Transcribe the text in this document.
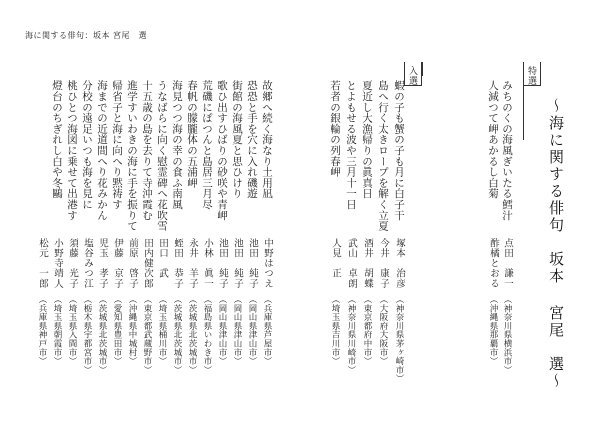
海に関する俳句：坂本 宮尾　選
〜海に関する俳句　坂本 宮尾　選〜
特選
入選
みちのくの海風ぎいたる鱈汁
点田　謙一
（神奈川県横浜市）
人減つて岬あかるし白菊
酢橘とおる
（沖縄県那覇市）
蝦の子も蟹の子も月に白子干
塚本　治彦
（神奈川県茅ヶ崎市）
島へ行く太きロープを解く立夏
今井　康子
（大阪府大阪市）
夏近し大漁帰りの眞真日
酒井　胡蝶
（東京都府中市）
とよもせる波や三月十一日
武山　卓朗
（神奈川県川崎市）
若者の銀輪の列春岬
人見　正
（埼玉県吉川市）
故郷へ続く海なり土用凪
中野はつえ
（兵庫県芦屋市）
恐恐と手を穴に入れ磯遊
池田　純子
（岡山県津山市）
街館の海風夏と思ひけり
池田　純子
（岡山県津山市）
歌ひ出すひばりの砂咲や青岬
池田　純子
（岡山県津山市）
荒磯にぽつんと島居三月尽
小林　眞一
（福島県いわき市）
春帆の朦朧体の五浦岬
永井　羊子
（茨城県北茨城市）
海見つつ海の幸の食ふ南風
蛭田　恭子
（茨城県北茨城市）
うなばらに向く慰霊碑へ花吹雪
田口　武
（埼玉県桶川市）
十五歳の島を去りて寺沖霞む
田内健次郎
（東京都武蔵野市）
進学すいわきの海に手を振りて
前原　啓子
（沖縄県中城村）
帰省子と海に向へり黙祷す
伊藤　京子
（愛知県豊田市）
海までの近道間へり花みかん
児玉　孝子
（茨城県北茨城市）
分校の遠足いつも海を見に
塩谷みつ江
（栃木県宇都宮市）
桃ひとつ海図に乗せて出港す
須藤　光子
（埼玉県入間市）
燈台のちぎれし白や冬鷗
小野寺靖人
（埼玉県朝霞市）
松元　一郎
（兵庫県神戸市）
